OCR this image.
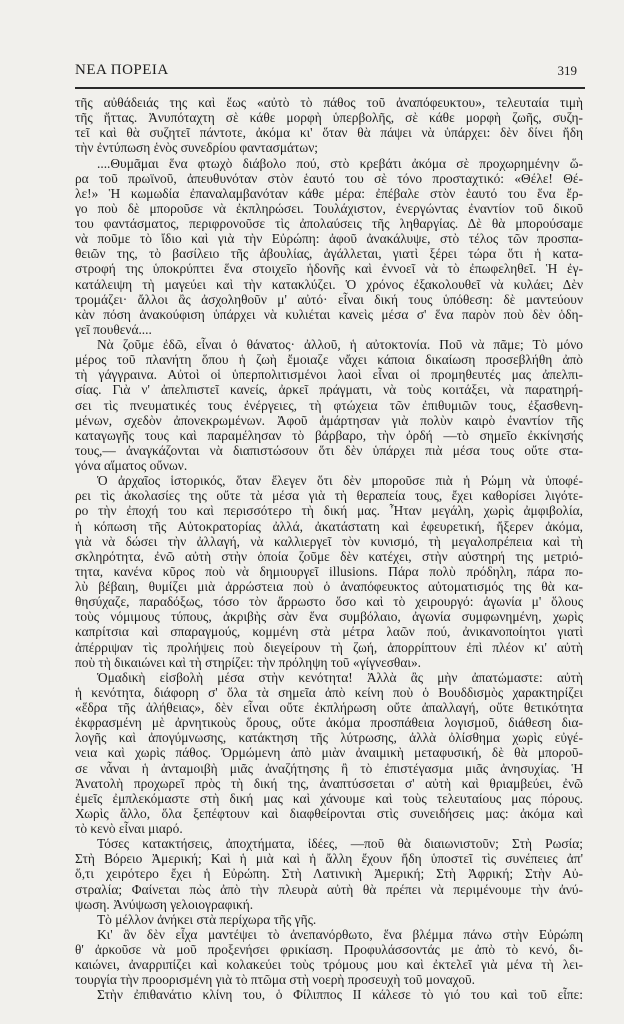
ΝΕΑ ΠΟΡΕΙΑ	319
τῆς αὐθάδειάς της καὶ ἕως «αὐτὸ τὸ πάθος τοῦ ἀναπόφευκτου», τελευταία τιμὴ
τῆς ἥττας. Ἀνυπόταχτη σὲ κάθε μορφὴ ὑπερβολῆς, σὲ κάθε μορφὴ ζωῆς, συζη-
τεῖ καὶ θὰ συζητεῖ πάντοτε, ἀκόμα κι' ὅταν θὰ πάψει νὰ ὑπάρχει: δὲν δίνει ἤδη
τὴν ἐντύπωση ἑνὸς συνεδρίου φαντασμάτων;
....Θυμᾶμαι ἕνα φτωχὸ διάβολο πού, στὸ κρεβάτι ἀκόμα σὲ προχωρημένην ὥ-
ρα τοῦ πρωϊνοῦ, ἀπευθυνόταν στὸν ἑαυτό του σὲ τόνο προσταχτικό: «Θέλε! Θέ-
λε!» Ἡ κωμωδία ἐπαναλαμβανόταν κάθε μέρα: ἐπέβαλε στὸν ἑαυτό του ἕνα ἔρ-
γο ποὺ δὲ μποροῦσε νὰ ἐκπληρώσει. Τουλάχιστον, ἐνεργώντας ἐναντίον τοῦ δικοῦ
του φαντάσματος, περιφρονοῦσε τὶς ἀπολαύσεις τῆς ληθαργίας. Δὲ θὰ μπορούσαμε
νὰ ποῦμε τὸ ἴδιο καὶ γιὰ τὴν Εὐρώπη: ἀφοῦ ἀνακάλυψε, στὸ τέλος τῶν προσπα-
θειῶν της, τὸ βασίλειο τῆς ἀβουλίας, ἀγάλλεται, γιατὶ ξέρει τώρα ὅτι ἡ κατα-
στροφή της ὑποκρύπτει ἕνα στοιχεῖο ἡδονῆς καὶ ἐννοεῖ νὰ τὸ ἐπωφεληθεῖ. Ἡ ἐγ-
κατάλειψη τὴ μαγεύει καὶ τὴν κατακλύζει. Ὁ χρόνος ἐξακολουθεῖ νὰ κυλάει; Δὲν
τρομάζει· ἄλλοι ἂς ἀσχοληθοῦν μ' αὐτό· εἶναι δική τους ὑπόθεση: δὲ μαντεύουν
κὰν πόση ἀνακούφιση ὑπάρχει νὰ κυλιέται κανεὶς μέσα σ' ἕνα παρὸν ποὺ δὲν ὁδη-
γεῖ πουθενά....
Νὰ ζοῦμε ἐδῶ, εἶναι ὁ θάνατος· ἀλλοῦ, ἡ αὐτοκτονία. Ποῦ νὰ πᾶμε; Τὸ μόνο
μέρος τοῦ πλανήτη ὅπου ἡ ζωὴ ἔμοιαζε νἄχει κάποια δικαίωση προσεβλήθη ἀπὸ
τὴ γάγγραινα. Αὐτοὶ οἱ ὑπερπολιτισμένοι λαοὶ εἶναι οἱ προμηθευτές μας ἀπελπι-
σίας. Γιὰ ν' ἀπελπιστεῖ κανείς, ἀρκεῖ πράγματι, νὰ τοὺς κοιτάξει, νὰ παρατηρή-
σει τὶς πνευματικές τους ἐνέργειες, τὴ φτώχεια τῶν ἐπιθυμιῶν τους, ἐξασθενη-
μένων, σχεδὸν ἀπονεκρωμένων. Ἀφοῦ ἁμάρτησαν γιὰ πολὺν καιρὸ ἐναντίον τῆς
καταγωγῆς τους καὶ παραμέλησαν τὸ βάρβαρο, τὴν ὀρδή —τὸ σημεῖο ἐκκίνησής
τους,— ἀναγκάζονται νὰ διαπιστώσουν ὅτι δὲν ὑπάρχει πιὰ μέσα τους οὔτε στα-
γόνα αἵματος οὔνων.
Ὁ ἀρχαῖος ἱστορικός, ὅταν ἔλεγεν ὅτι δὲν μποροῦσε πιὰ ἡ Ρώμη νὰ ὑποφέ-
ρει τὶς ἀκολασίες της οὔτε τὰ μέσα γιὰ τὴ θεραπεία τους, ἔχει καθορίσει λιγότε-
ρο τὴν ἐποχή του καὶ περισσότερο τὴ δική μας. Ἦταν μεγάλη, χωρὶς ἀμφιβολία,
ἡ κόπωση τῆς Αὐτοκρατορίας ἀλλά, ἀκατάστατη καὶ ἐφευρετική, ἤξερεν ἀκόμα,
γιὰ νὰ δώσει τὴν ἀλλαγή, νὰ καλλιεργεῖ τὸν κυνισμό, τὴ μεγαλοπρέπεια καὶ τὴ
σκληρότητα, ἐνῶ αὐτὴ στὴν ὁποία ζοῦμε δὲν κατέχει, στὴν αὐστηρή της μετριό-
τητα, κανένα κῦρος ποὺ νὰ δημιουργεῖ illusions. Πάρα πολὺ πρόδηλη, πάρα πο-
λὺ βέβαιη, θυμίζει μιὰ ἀρρώστεια ποὺ ὁ ἀναπόφευκτος αὐτοματισμός της θὰ κα-
θησύχαζε, παραδόξως, τόσο τὸν ἄρρωστο ὅσο καὶ τὸ χειρουργό: ἀγωνία μ' ὅλους
τοὺς νόμιμους τύπους, ἀκριβὴς σὰν ἕνα συμβόλαιο, ἀγωνία συμφωνημένη, χωρὶς
καπρίτσια καὶ σπαραγμούς, κομμένη στὰ μέτρα λαῶν πού, ἀνικανοποίητοι γιατὶ
ἀπέρριψαν τὶς προλήψεις ποὺ διεγείρουν τὴ ζωή, ἀπορρίπτουν ἐπὶ πλέον κι' αὐτὴ
ποὺ τὴ δικαιώνει καὶ τὴ στηρίζει: τὴν πρόληψη τοῦ «γίγνεσθαι».
Ὁμαδικὴ εἰσβολὴ μέσα στὴν κενότητα! Ἀλλὰ ἂς μὴν ἀπατώμαστε: αὐτὴ
ἡ κενότητα, διάφορη σ' ὅλα τὰ σημεῖα ἀπὸ κείνη ποὺ ὁ Βουδδισμὸς χαρακτηρίζει
«ἕδρα τῆς ἀλήθειας», δὲν εἶναι οὔτε ἐκπλήρωση οὔτε ἀπαλλαγή, οὔτε θετικότητα
ἐκφρασμένη μὲ ἀρνητικοὺς ὅρους, οὔτε ἀκόμα προσπάθεια λογισμοῦ, διάθεση δια-
λογῆς καὶ ἀπογύμνωσης, κατάκτηση τῆς λύτρωσης, ἀλλὰ ὀλίσθημα χωρὶς εὐγέ-
νεια καὶ χωρὶς πάθος. Ὁρμώμενη ἀπὸ μιὰν ἀναιμικὴ μεταφυσική, δὲ θὰ μποροῦ-
σε νἆναι ἡ ἀνταμοιβὴ μιᾶς ἀναζήτησης ἢ τὸ ἐπιστέγασμα μιᾶς ἀνησυχίας. Ἡ
Ἀνατολὴ προχωρεῖ πρὸς τὴ δική της, ἀναπτύσσεται σ' αὐτὴ καὶ θριαμβεύει, ἐνῶ
ἐμεῖς ἐμπλεκόμαστε στὴ δική μας καὶ χάνουμε καὶ τοὺς τελευταίους μας πόρους.
Χωρὶς ἄλλο, ὅλα ξεπέφτουν καὶ διαφθείρονται στὶς συνειδήσεις μας: ἀκόμα καὶ
τὸ κενὸ εἶναι μιαρό.
Τόσες κατακτήσεις, ἀποχτήματα, ἰδέες, —ποῦ θὰ διαιωνιστοῦν; Στὴ Ρωσία;
Στὴ Βόρειο Ἀμερική; Καὶ ἡ μιὰ καὶ ἡ ἄλλη ἔχουν ἤδη ὑποστεῖ τὶς συνέπειες ἀπ'
ὅ,τι χειρότερο ἔχει ἡ Εὐρώπη. Στὴ Λατινικὴ Ἀμερική; Στὴ Ἀφρική; Στὴν Αὐ-
στραλία; Φαίνεται πὼς ἀπὸ τὴν πλευρὰ αὐτὴ θὰ πρέπει νὰ περιμένουμε τὴν ἀνύ-
ψωση. Ἀνύψωση γελοιογραφική.
Τὸ μέλλον ἀνήκει στὰ περίχωρα τῆς γῆς.
Κι' ἂν δὲν εἶχα μαντέψει τὸ ἀνεπανόρθωτο, ἕνα βλέμμα πάνω στὴν Εὐρώπη
θ' ἀρκοῦσε νὰ μοῦ προξενήσει φρικίαση. Προφυλάσσοντάς με ἀπὸ τὸ κενό, δι-
καιώνει, ἀναρριπίζει καὶ κολακεύει τοὺς τρόμους μου καὶ ἐκτελεῖ γιὰ μένα τὴ λει-
τουργία τὴν προορισμένη γιὰ τὸ πτῶμα στὴ νοερὴ προσευχὴ τοῦ μοναχοῦ.
Στὴν ἐπιθανάτιο κλίνη του, ὁ Φίλιππος ΙΙ κάλεσε τὸ γιό του καὶ τοῦ εἶπε:
